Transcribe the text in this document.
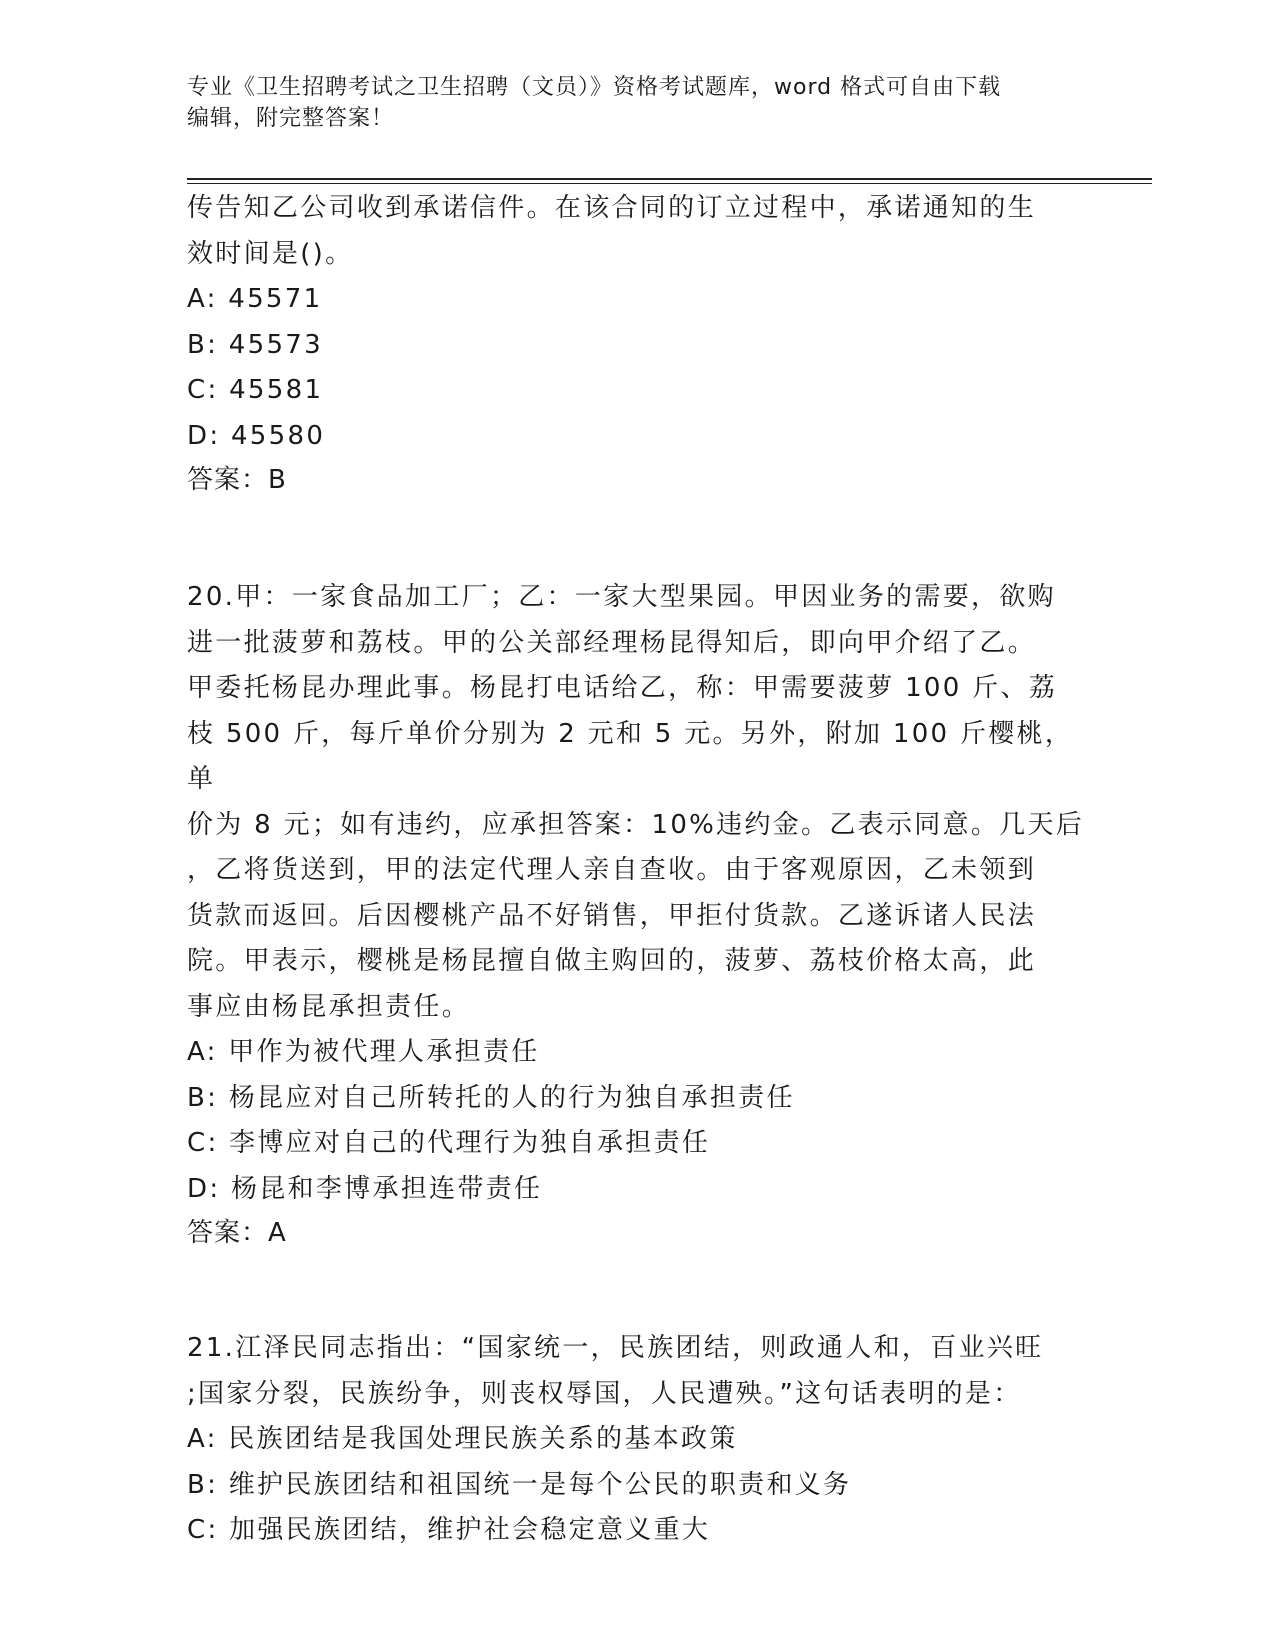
专业《卫生招聘考试之卫生招聘（文员）》资格考试题库，word 格式可自由下载
编辑，附完整答案！
传告知乙公司收到承诺信件。在该合同的订立过程中，承诺通知的生
效时间是()。
A: 45571
B: 45573
C: 45581
D: 45580
答案：B
20.甲：一家食品加工厂；乙：一家大型果园。甲因业务的需要，欲购
进一批菠萝和荔枝。甲的公关部经理杨昆得知后，即向甲介绍了乙。
甲委托杨昆办理此事。杨昆打电话给乙，称：甲需要菠萝 100 斤、荔
枝 500 斤，每斤单价分别为 2 元和 5 元。另外，附加 100 斤樱桃，单
价为 8 元；如有违约，应承担答案：10%违约金。乙表示同意。几天后
，乙将货送到，甲的法定代理人亲自查收。由于客观原因，乙未领到
货款而返回。后因樱桃产品不好销售，甲拒付货款。乙遂诉诸人民法
院。甲表示，樱桃是杨昆擅自做主购回的，菠萝、荔枝价格太高，此
事应由杨昆承担责任。
A: 甲作为被代理人承担责任
B: 杨昆应对自己所转托的人的行为独自承担责任
C: 李博应对自己的代理行为独自承担责任
D: 杨昆和李博承担连带责任
答案：A
21.江泽民同志指出：“国家统一，民族团结，则政通人和，百业兴旺
;国家分裂，民族纷争，则丧权辱国，人民遭殃。”这句话表明的是：
A: 民族团结是我国处理民族关系的基本政策
B: 维护民族团结和祖国统一是每个公民的职责和义务
C: 加强民族团结，维护社会稳定意义重大
